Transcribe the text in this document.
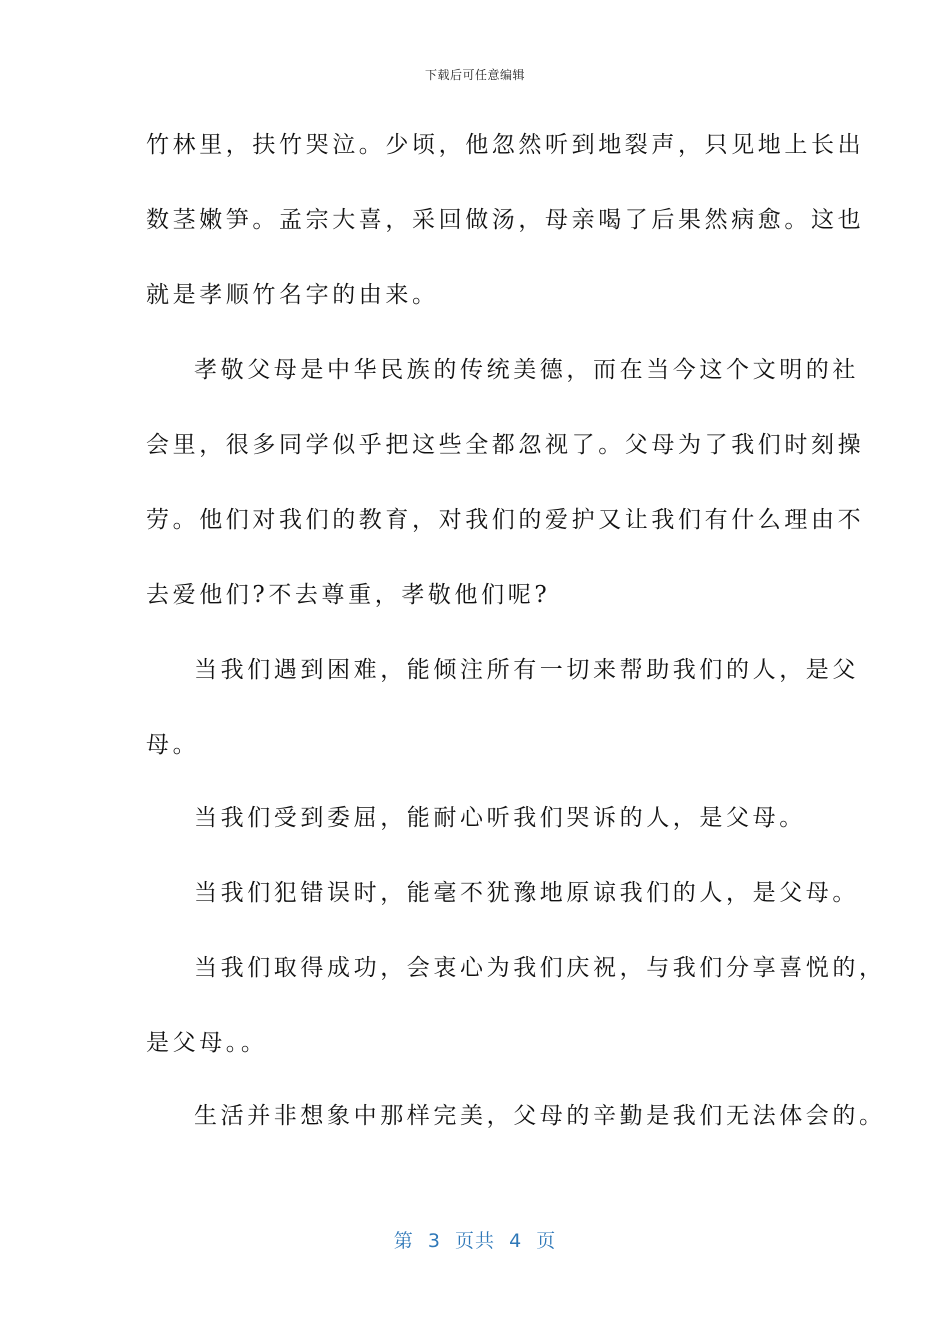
下载后可任意编辑
竹林里，扶竹哭泣。少顷，他忽然听到地裂声，只见地上长出
数茎嫩笋。孟宗大喜，采回做汤，母亲喝了后果然病愈。这也
就是孝顺竹名字的由来。
孝敬父母是中华民族的传统美德，而在当今这个文明的社
会里，很多同学似乎把这些全都忽视了。父母为了我们时刻操
劳。他们对我们的教育，对我们的爱护又让我们有什么理由不
去爱他们?不去尊重，孝敬他们呢?
当我们遇到困难，能倾注所有一切来帮助我们的人，是父
母。
当我们受到委屈，能耐心听我们哭诉的人，是父母。
当我们犯错误时，能毫不犹豫地原谅我们的人，是父母。
当我们取得成功，会衷心为我们庆祝，与我们分享喜悦的，
是父母。。
生活并非想象中那样完美，父母的辛勤是我们无法体会的。
第  3  页共  4  页
